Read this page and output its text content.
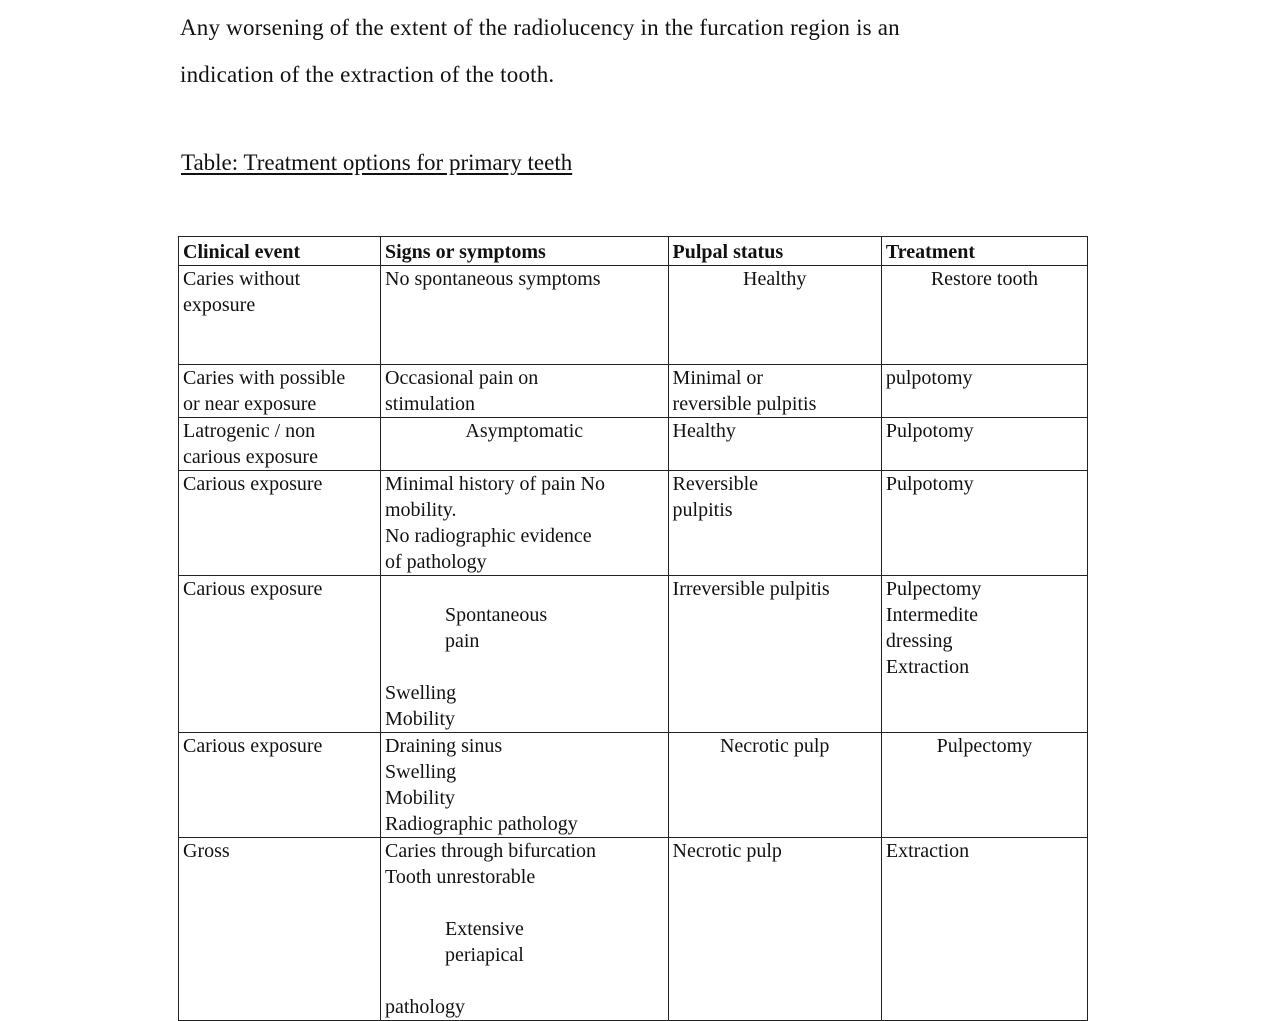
Any worsening of the extent of the radiolucency in the furcation region is an
indication of the extraction of the tooth.
Table: Treatment options for primary teeth
Clinical event	Signs or symptoms	Pulpal status	Treatment

Caries without
exposure	No spontaneous symptoms	Healthy	Restore tooth

Caries with possible
or near exposure	Occasional pain on
stimulation	Minimal or
reversible pulpitis	pulpotomy

Latrogenic / non
carious exposure	Asymptomatic	Healthy	Pulpotomy

Carious exposure	Minimal history of pain No
mobility.
No radiographic evidence
of pathology	Reversible
pulpitis	Pulpotomy

Carious exposure	Spontaneous
pain

Swelling
Mobility	Irreversible pulpitis	Pulpectomy
Intermedite
dressing
Extraction

Carious exposure	Draining sinus
Swelling
Mobility
Radiographic pathology	Necrotic pulp	Pulpectomy

Gross	Caries through bifurcation
Tooth unrestorable

Extensive
periapical

pathology	Necrotic pulp	Extraction
